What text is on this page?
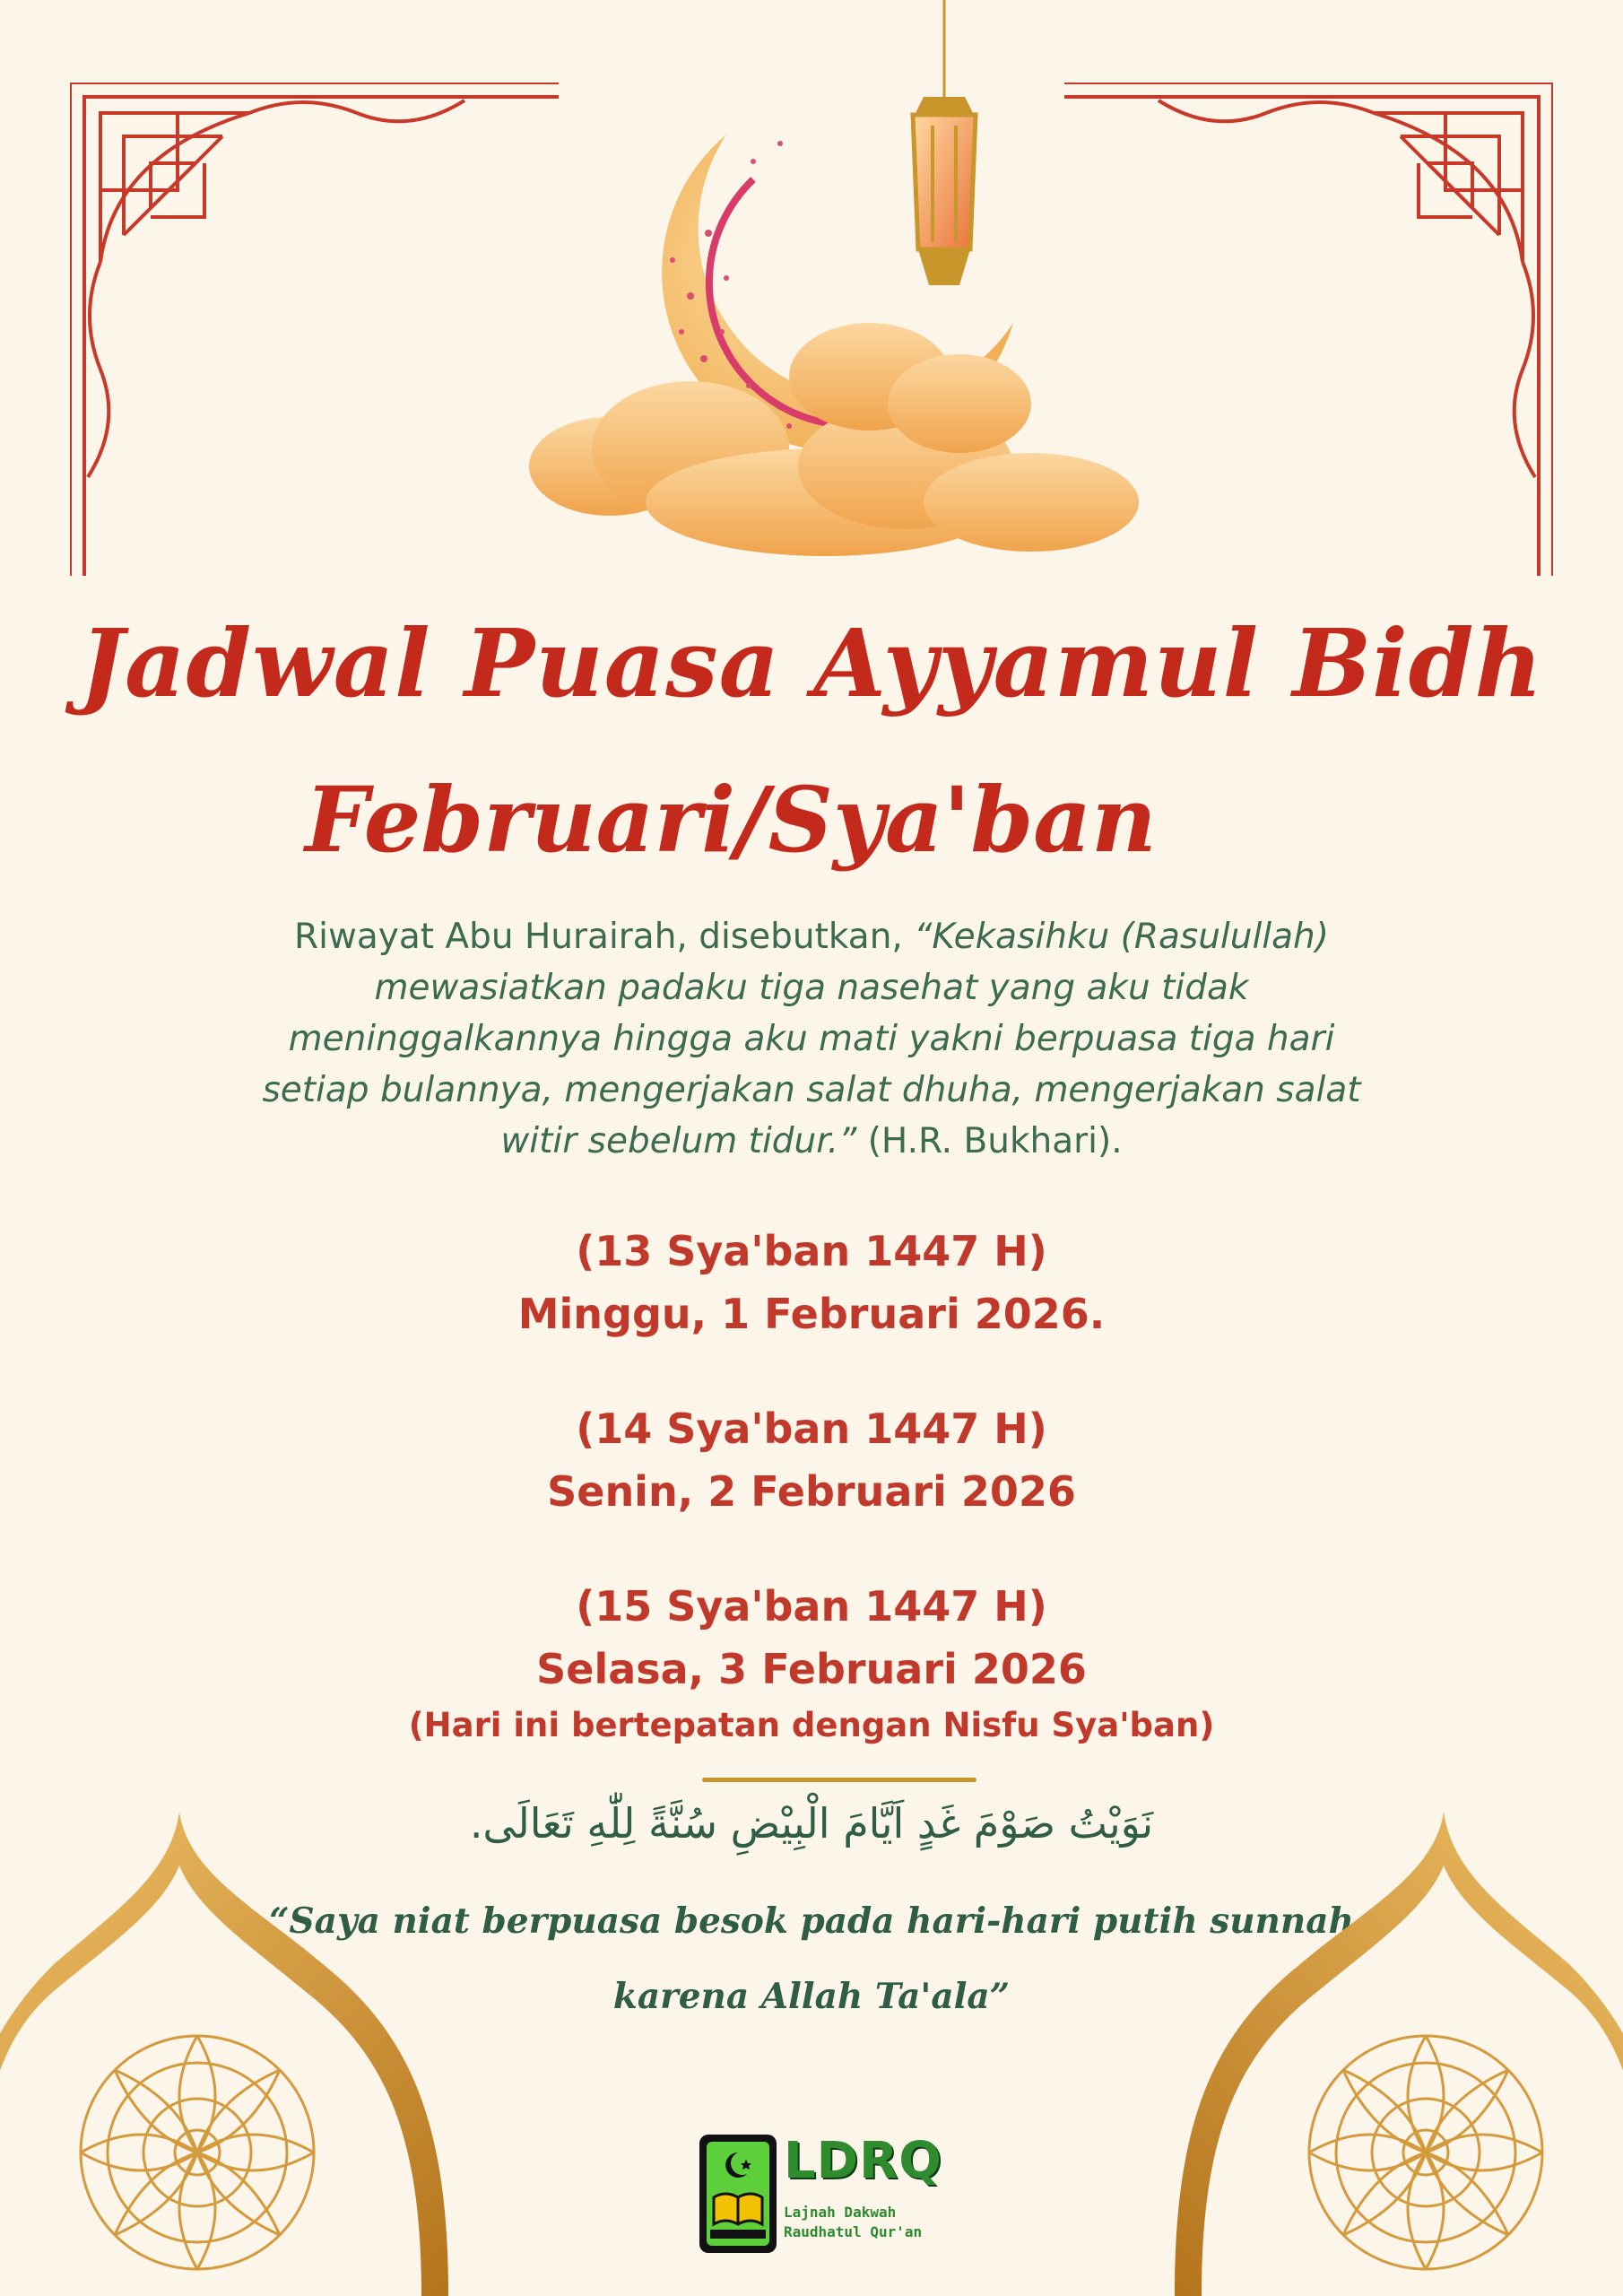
Jadwal Puasa Ayyamul Bidh
Februari/Sya'ban

Riwayat Abu Hurairah, disebutkan, “Kekasihku (Rasulullah) mewasiatkan padaku tiga nasehat yang aku tidak meninggalkannya hingga aku mati yakni berpuasa tiga hari setiap bulannya, mengerjakan salat dhuha, mengerjakan salat witir sebelum tidur.” (H.R. Bukhari).

(13 Sya'ban 1447 H)
Minggu, 1 Februari 2026.
(14 Sya'ban 1447 H)
Senin, 2 Februari 2026
(15 Sya'ban 1447 H)
Selasa, 3 Februari 2026
(Hari ini bertepatan dengan Nisfu Sya'ban)

نَوَيْتُ صَوْمَ غَدٍ اَيَّامَ الْبِيْضِ سُنَّةً لِلّٰهِ تَعَالَى.

“Saya niat berpuasa besok pada hari-hari putih sunnah karena Allah Ta'ala”

LDRQ
Lajnah Dakwah
Raudhatul Qur'an
